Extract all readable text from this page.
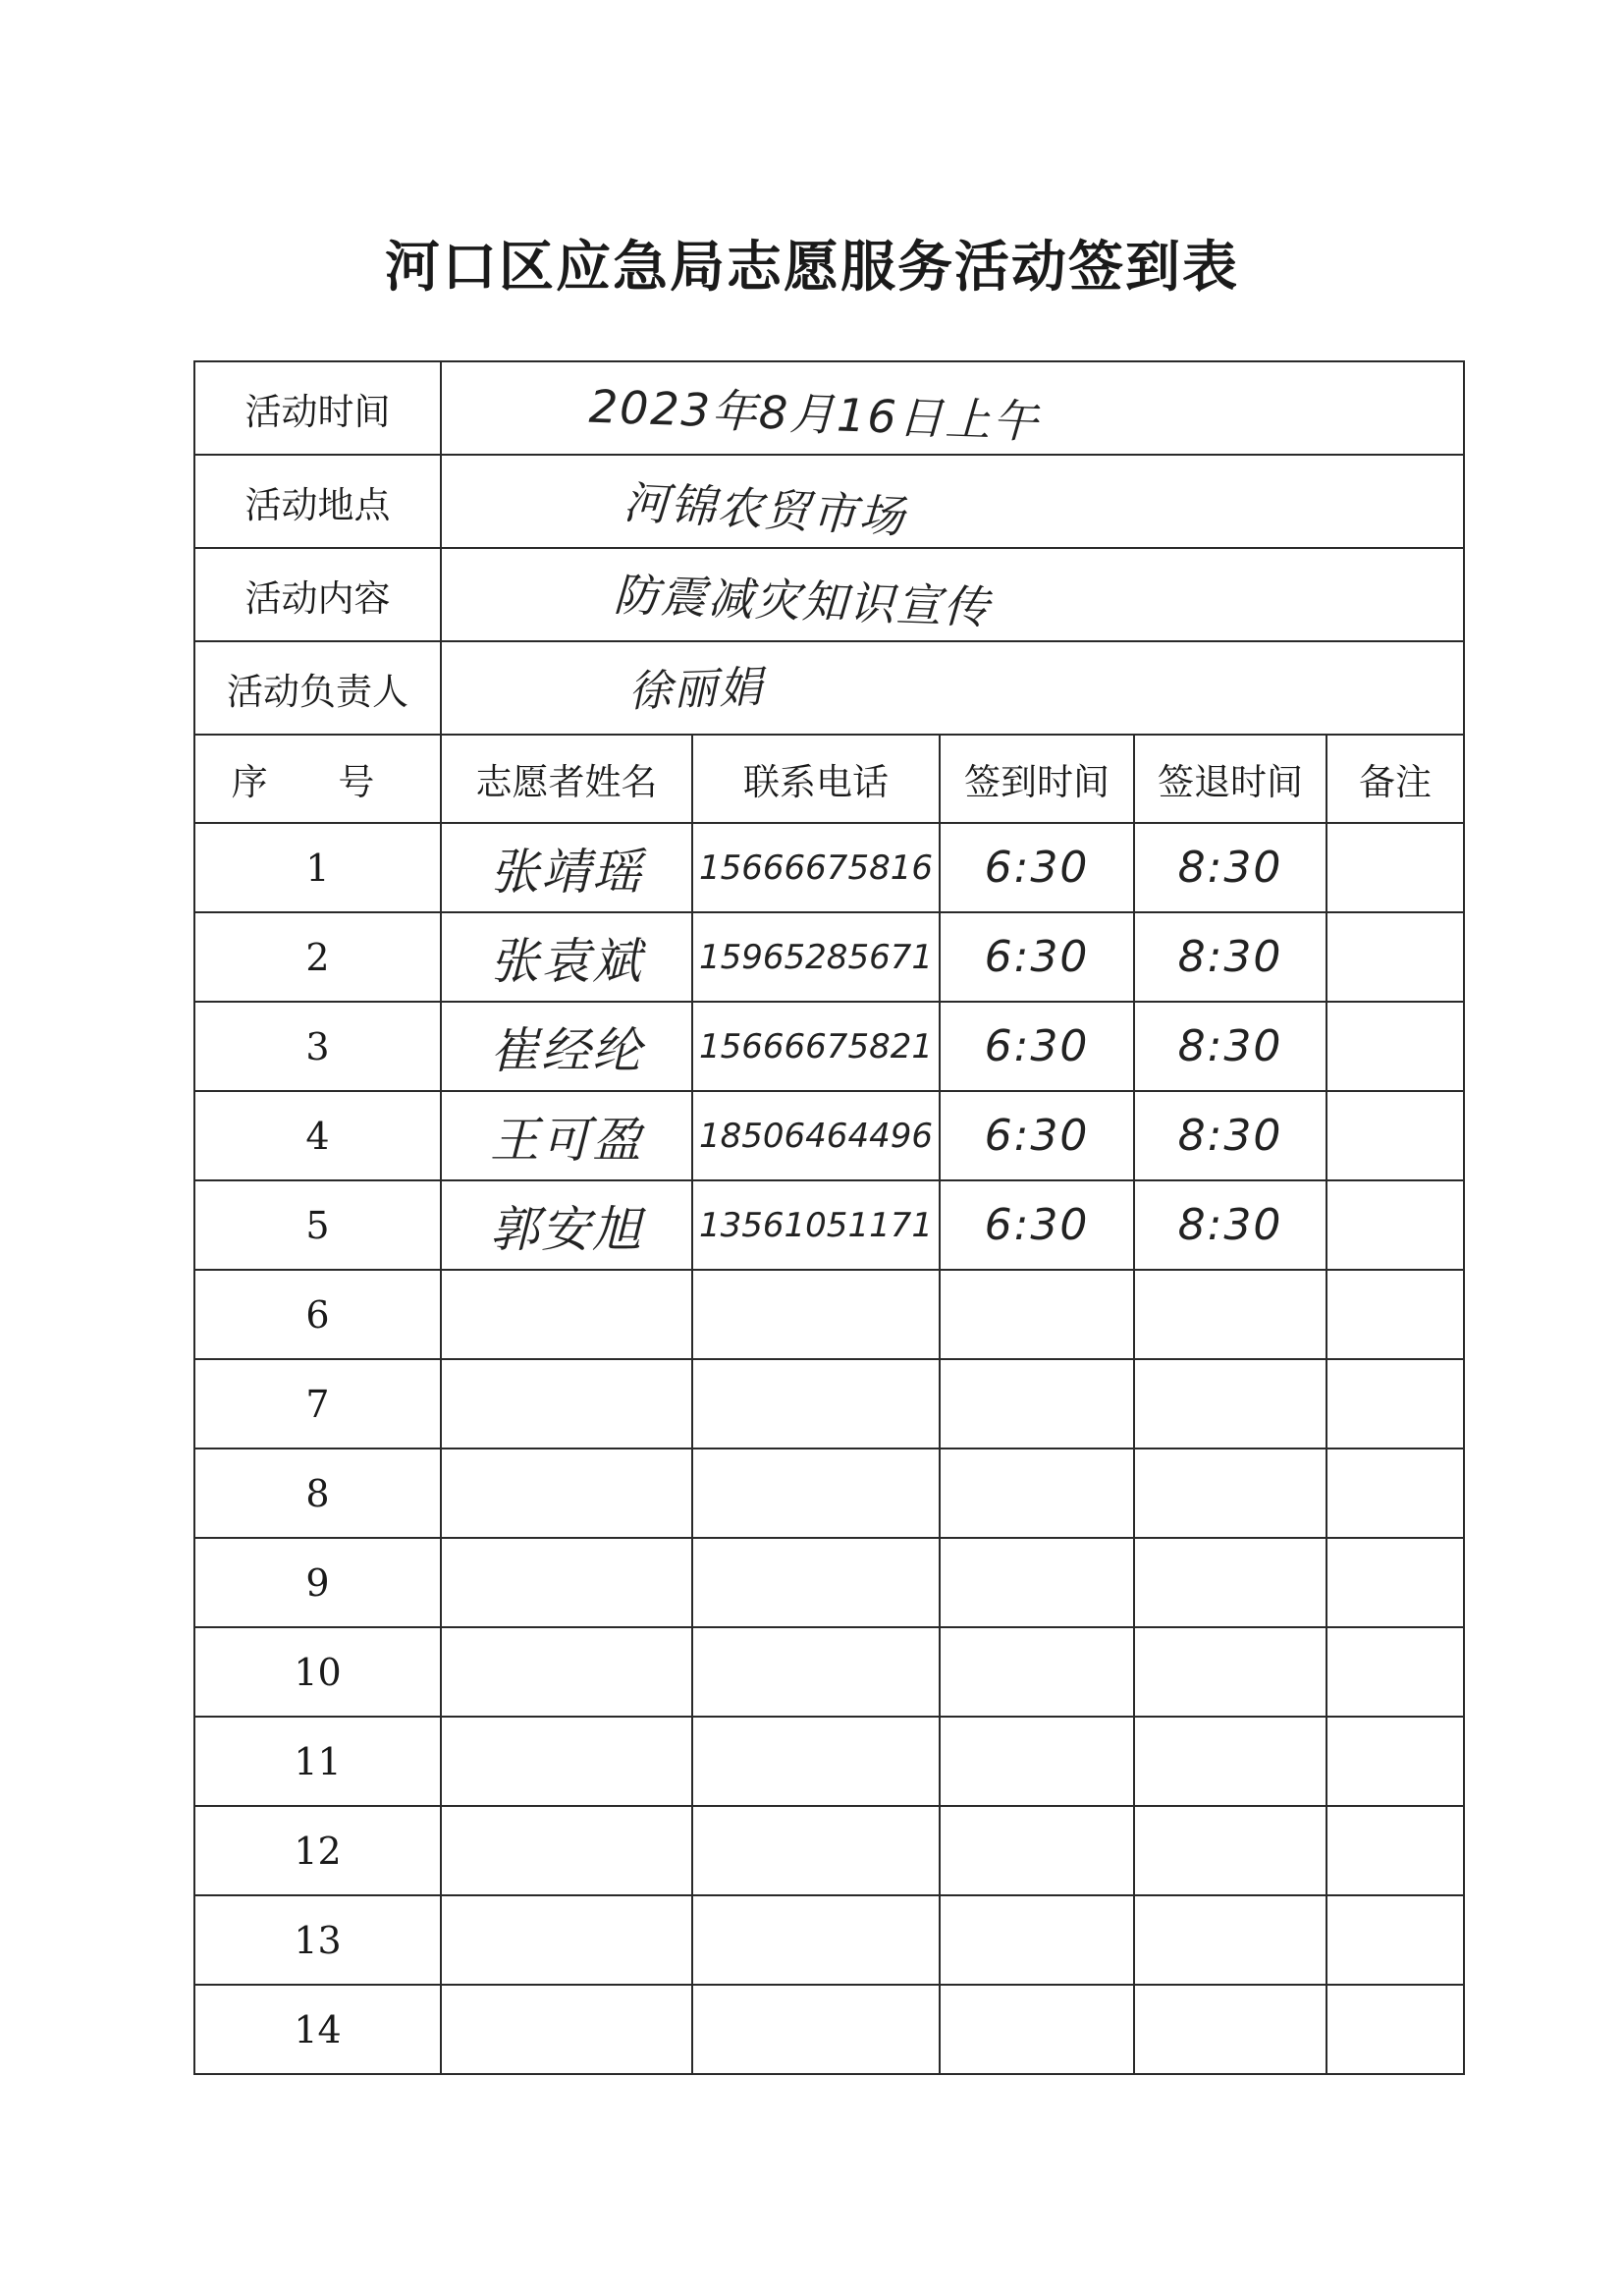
河口区应急局志愿服务活动签到表
活动时间	2023年8月16日上午				
活动地点	河锦农贸市场				
活动内容	防震减灾知识宣传				
活动负责人	徐丽娟				
序 号	志愿者姓名	联系电话	签到时间	签退时间	备注
1	张靖瑶	15666675816	6:30	8:30	
2	张袁斌	15965285671	6:30	8:30	
3	崔经纶	15666675821	6:30	8:30	
4	王可盈	18506464496	6:30	8:30	
5	郭安旭	13561051171	6:30	8:30	
6					
7					
8					
9					
10					
11					
12					
13					
14					
